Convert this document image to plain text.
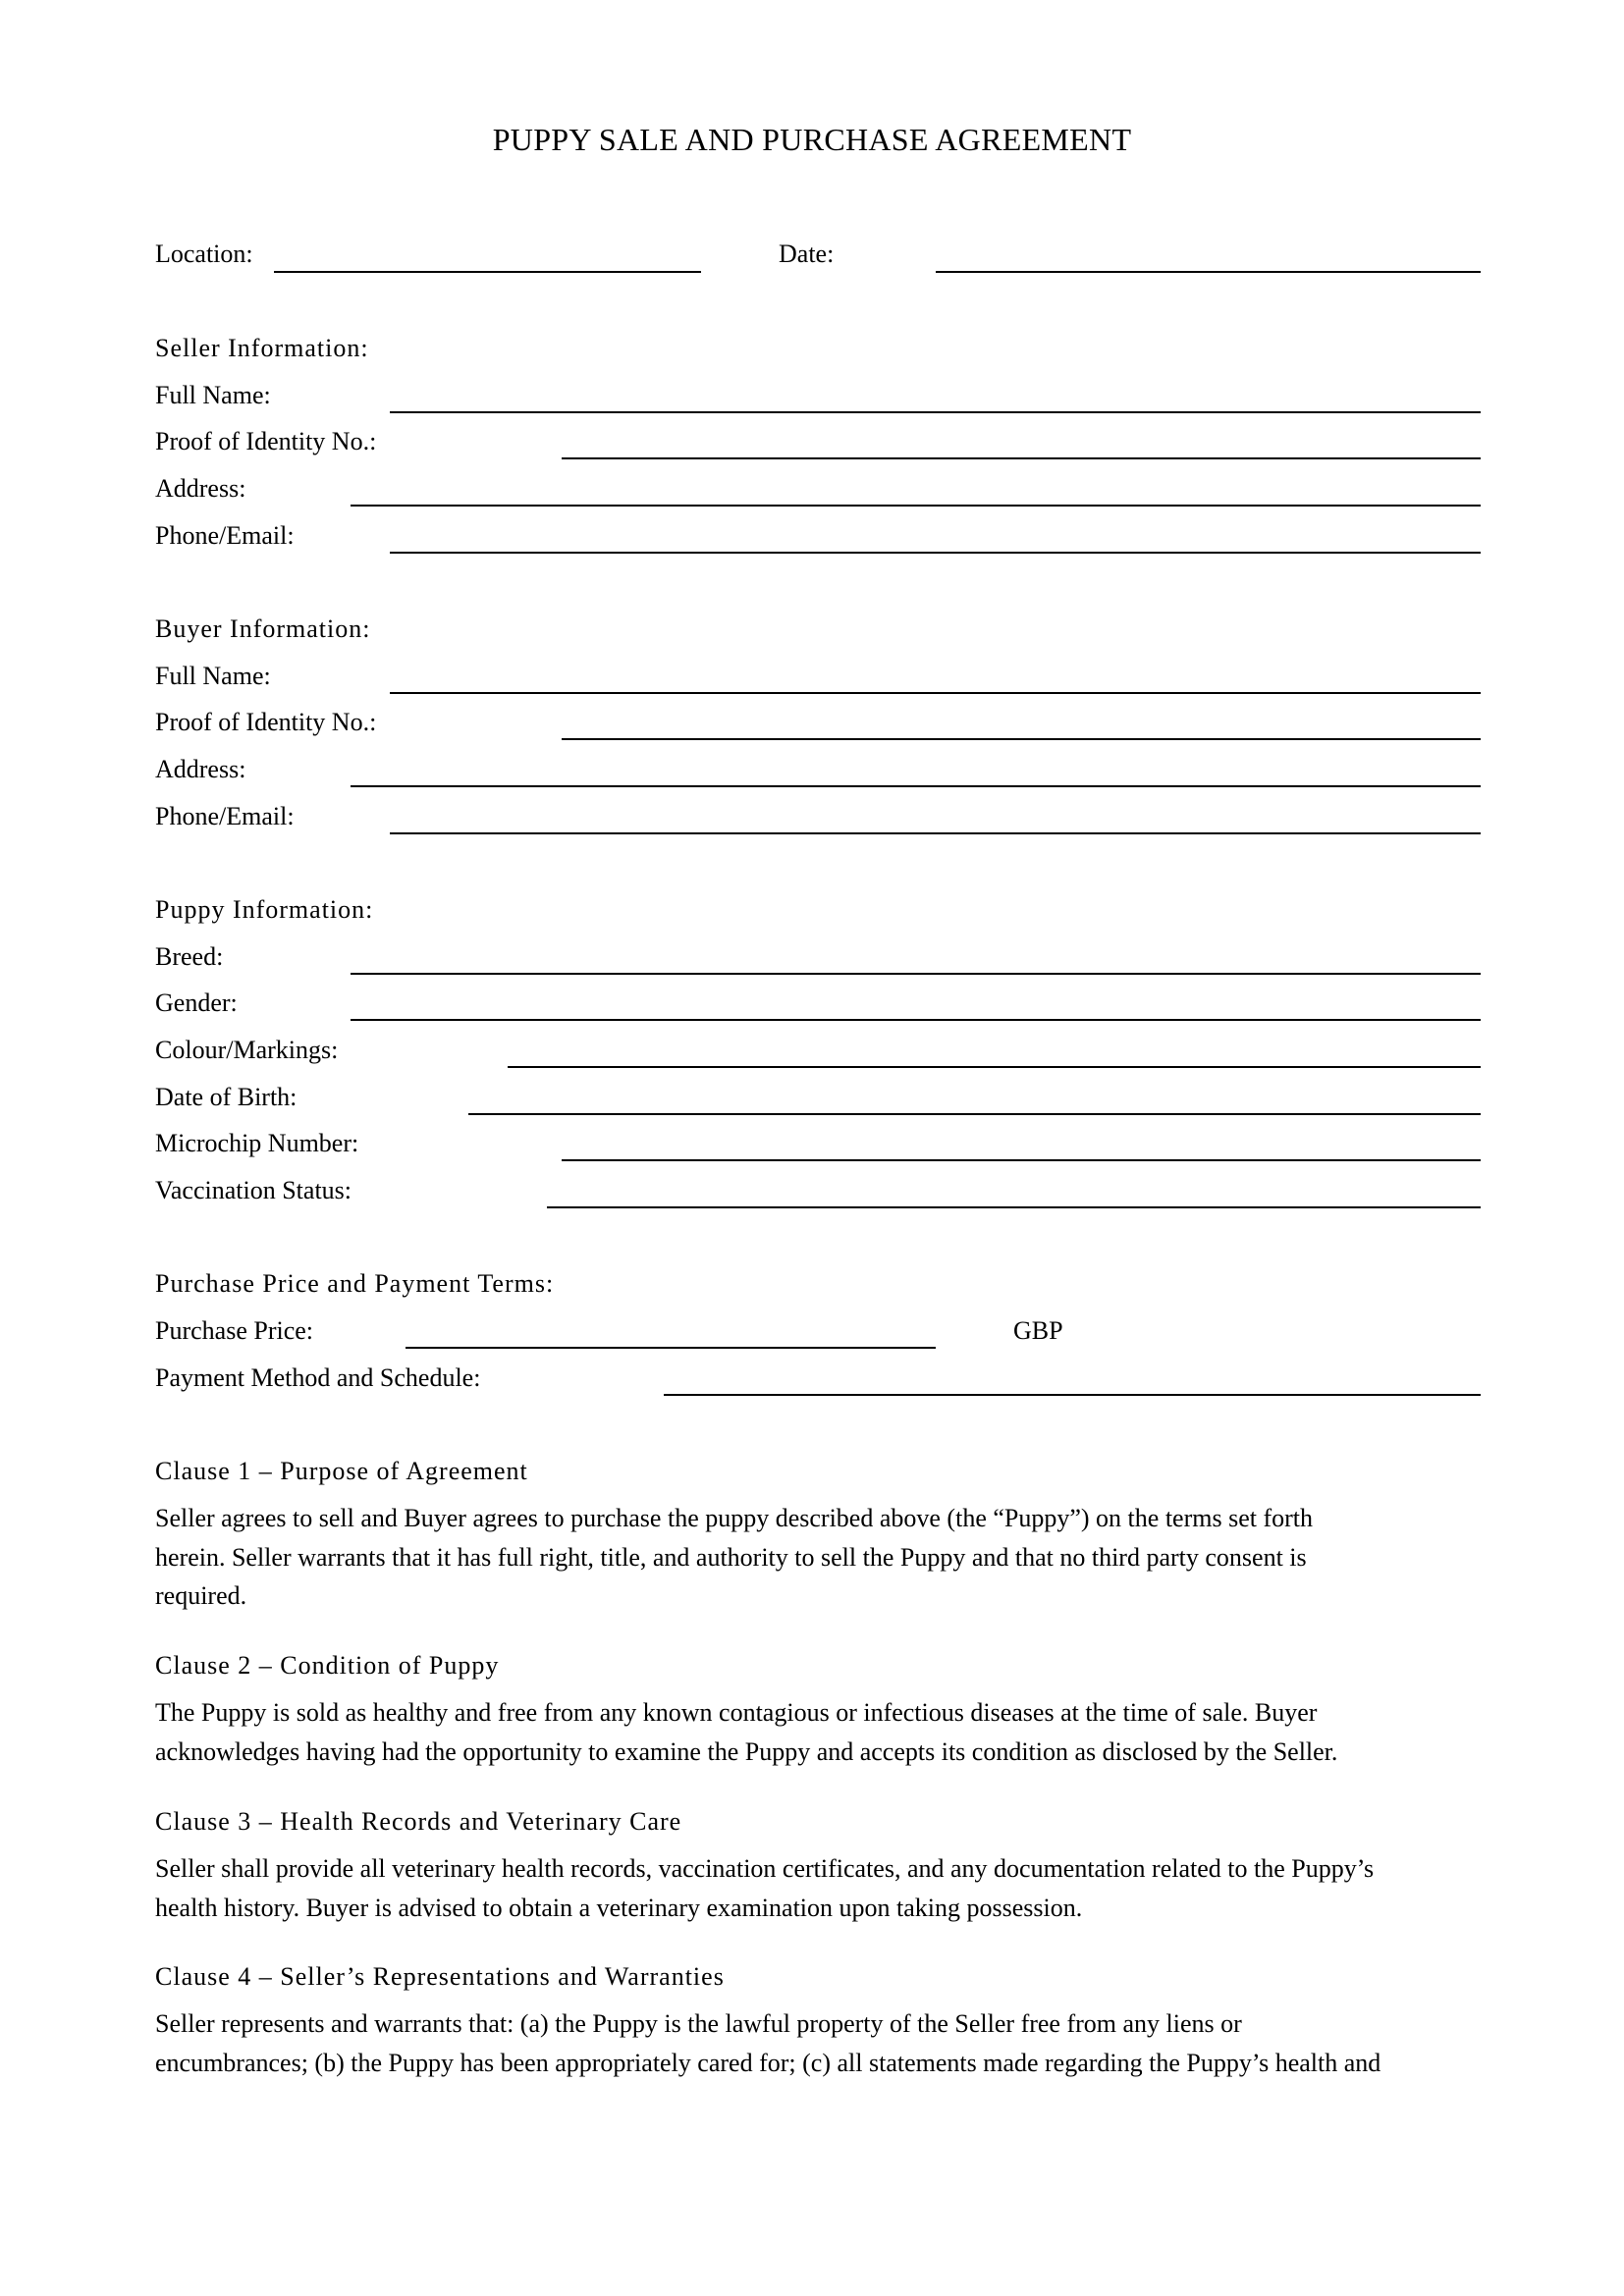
PUPPY SALE AND PURCHASE AGREEMENT
Location:	Date:
Seller Information:
Full Name:
Proof of Identity No.:
Address:
Phone/Email:
Buyer Information:
Full Name:
Proof of Identity No.:
Address:
Phone/Email:
Puppy Information:
Breed:
Gender:
Colour/Markings:
Date of Birth:
Microchip Number:
Vaccination Status:
Purchase Price and Payment Terms:
Purchase Price:	GBP
Payment Method and Schedule:
Clause 1 – Purpose of Agreement
Seller agrees to sell and Buyer agrees to purchase the puppy described above (the “Puppy”) on the terms set forth
herein. Seller warrants that it has full right, title, and authority to sell the Puppy and that no third party consent is
required.
Clause 2 – Condition of Puppy
The Puppy is sold as healthy and free from any known contagious or infectious diseases at the time of sale. Buyer
acknowledges having had the opportunity to examine the Puppy and accepts its condition as disclosed by the Seller.
Clause 3 – Health Records and Veterinary Care
Seller shall provide all veterinary health records, vaccination certificates, and any documentation related to the Puppy’s
health history. Buyer is advised to obtain a veterinary examination upon taking possession.
Clause 4 – Seller’s Representations and Warranties
Seller represents and warrants that: (a) the Puppy is the lawful property of the Seller free from any liens or
encumbrances; (b) the Puppy has been appropriately cared for; (c) all statements made regarding the Puppy’s health and
